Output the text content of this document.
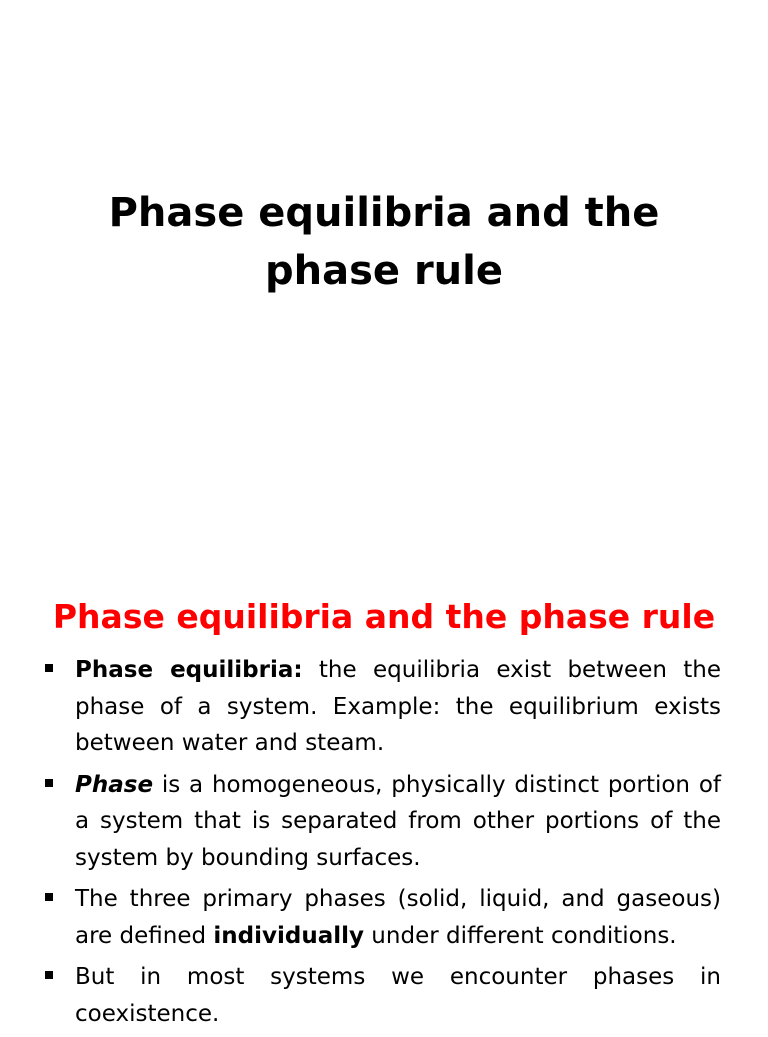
Phase equilibria and the
phase rule
Phase equilibria and the phase rule
Phase equilibria: the equilibria exist between the phase of a system. Example: the equilibrium exists between water and steam.
Phase is a homogeneous, physically distinct portion of a system that is separated from other portions of the system by bounding surfaces.
The three primary phases (solid, liquid, and gaseous) are defined individually under different conditions.
But in most systems we encounter phases in coexistence.
